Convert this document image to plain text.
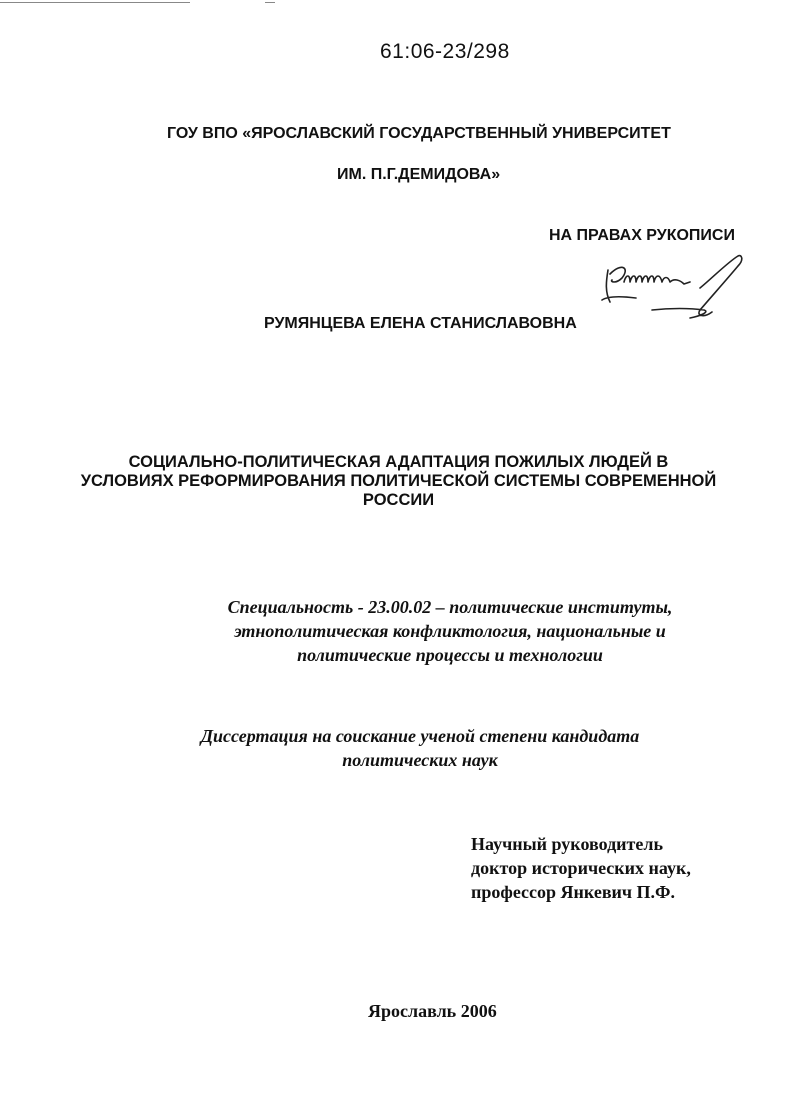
61:06-23/298

ГОУ ВПО «ЯРОСЛАВСКИЙ ГОСУДАРСТВЕННЫЙ УНИВЕРСИТЕТ

ИМ. П.Г.ДЕМИДОВА»

НА ПРАВАХ РУКОПИСИ

РУМЯНЦЕВА ЕЛЕНА СТАНИСЛАВОВНА

СОЦИАЛЬНО-ПОЛИТИЧЕСКАЯ АДАПТАЦИЯ ПОЖИЛЫХ ЛЮДЕЙ В
УСЛОВИЯХ РЕФОРМИРОВАНИЯ ПОЛИТИЧЕСКОЙ СИСТЕМЫ СОВРЕМЕННОЙ
РОССИИ
Специальность - 23.00.02 – политические институты,
этнополитическая конфликтология, национальные и
политические процессы и технологии
Диссертация на соискание ученой степени кандидата
политических наук
Научный руководитель
доктор исторических наук,
профессор Янкевич П.Ф.

Ярославль 2006
